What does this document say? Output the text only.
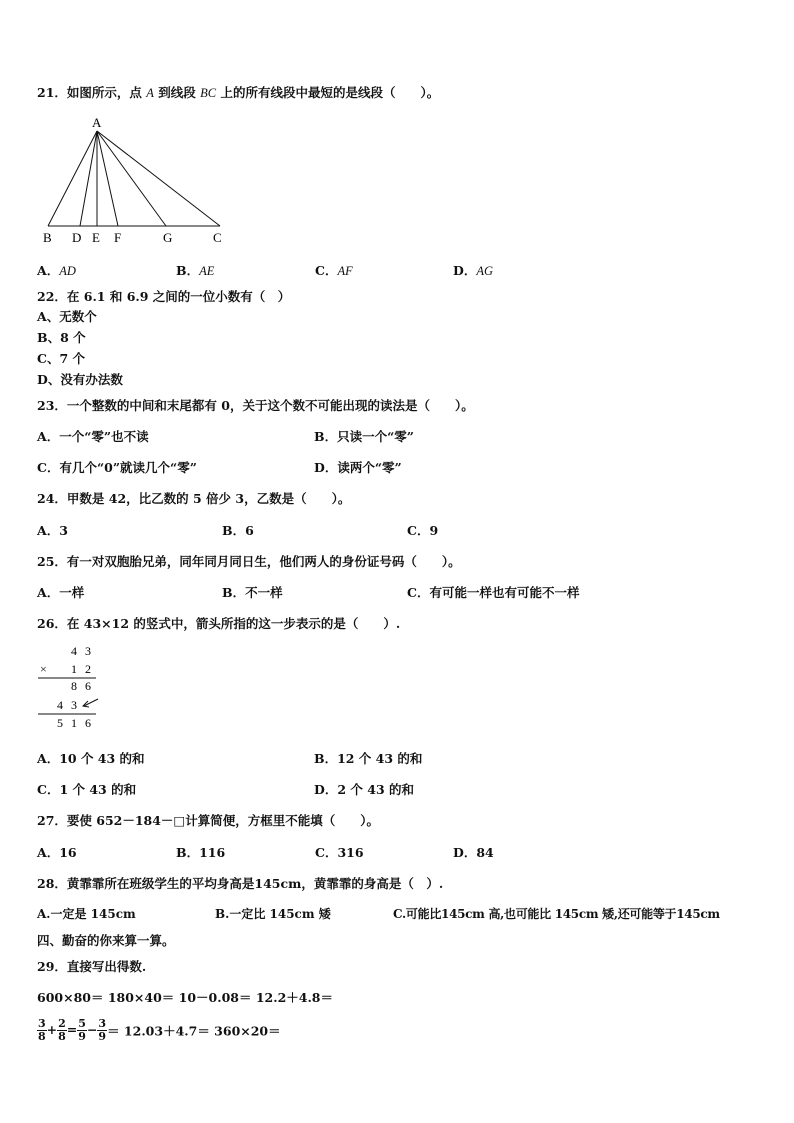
21．如图所示，点 A 到线段 BC 上的所有线段中最短的是线段（　　）。
A
B D E F	G	C
A．AD	B．AE	C．AF	D．AG
22．在 6.1 和 6.9 之间的一位小数有（　）
A、无数个
B、8 个
C、7 个
D、没有办法数
23．一个整数的中间和末尾都有 0，关于这个数不可能出现的读法是（　　）。
A．一个“零”也不读	B．只读一个“零”
C．有几个“0”就读几个“零”	D．读两个“零”
24．甲数是 42，比乙数的 5 倍少 3，乙数是（　　）。
A．3	B．6	C．9
25．有一对双胞胎兄弟，同年同月同日生，他们两人的身份证号码（　　）。
A．一样	B．不一样	C．有可能一样也有可能不一样
26．在 43×12 的竖式中，箭头所指的这一步表示的是（　　）.
4 3
× 1 2
8 6
4 3
5 1 6
A．10 个 43 的和	B．12 个 43 的和
C．1 个 43 的和	D．2 个 43 的和
27．要使 652－184－□计算简便，方框里不能填（　　）。
A．16	B．116	C．316	D．84
28．黄霏霏所在班级学生的平均身高是145cm，黄霏霏的身高是（　）.
A.一定是 145cm	B.一定比 145cm 矮	C.可能比145cm 高,也可能比 145cm 矮,还可能等于145cm
四、勤奋的你来算一算。
29．直接写出得数.
600×80＝ 180×40＝ 10－0.08＝ 12.2＋4.8＝
$\frac{3}{8} + \frac{2}{8} = \frac{5}{9} - \frac{3}{9} = 12.03+4.7= 360\times 20=$
